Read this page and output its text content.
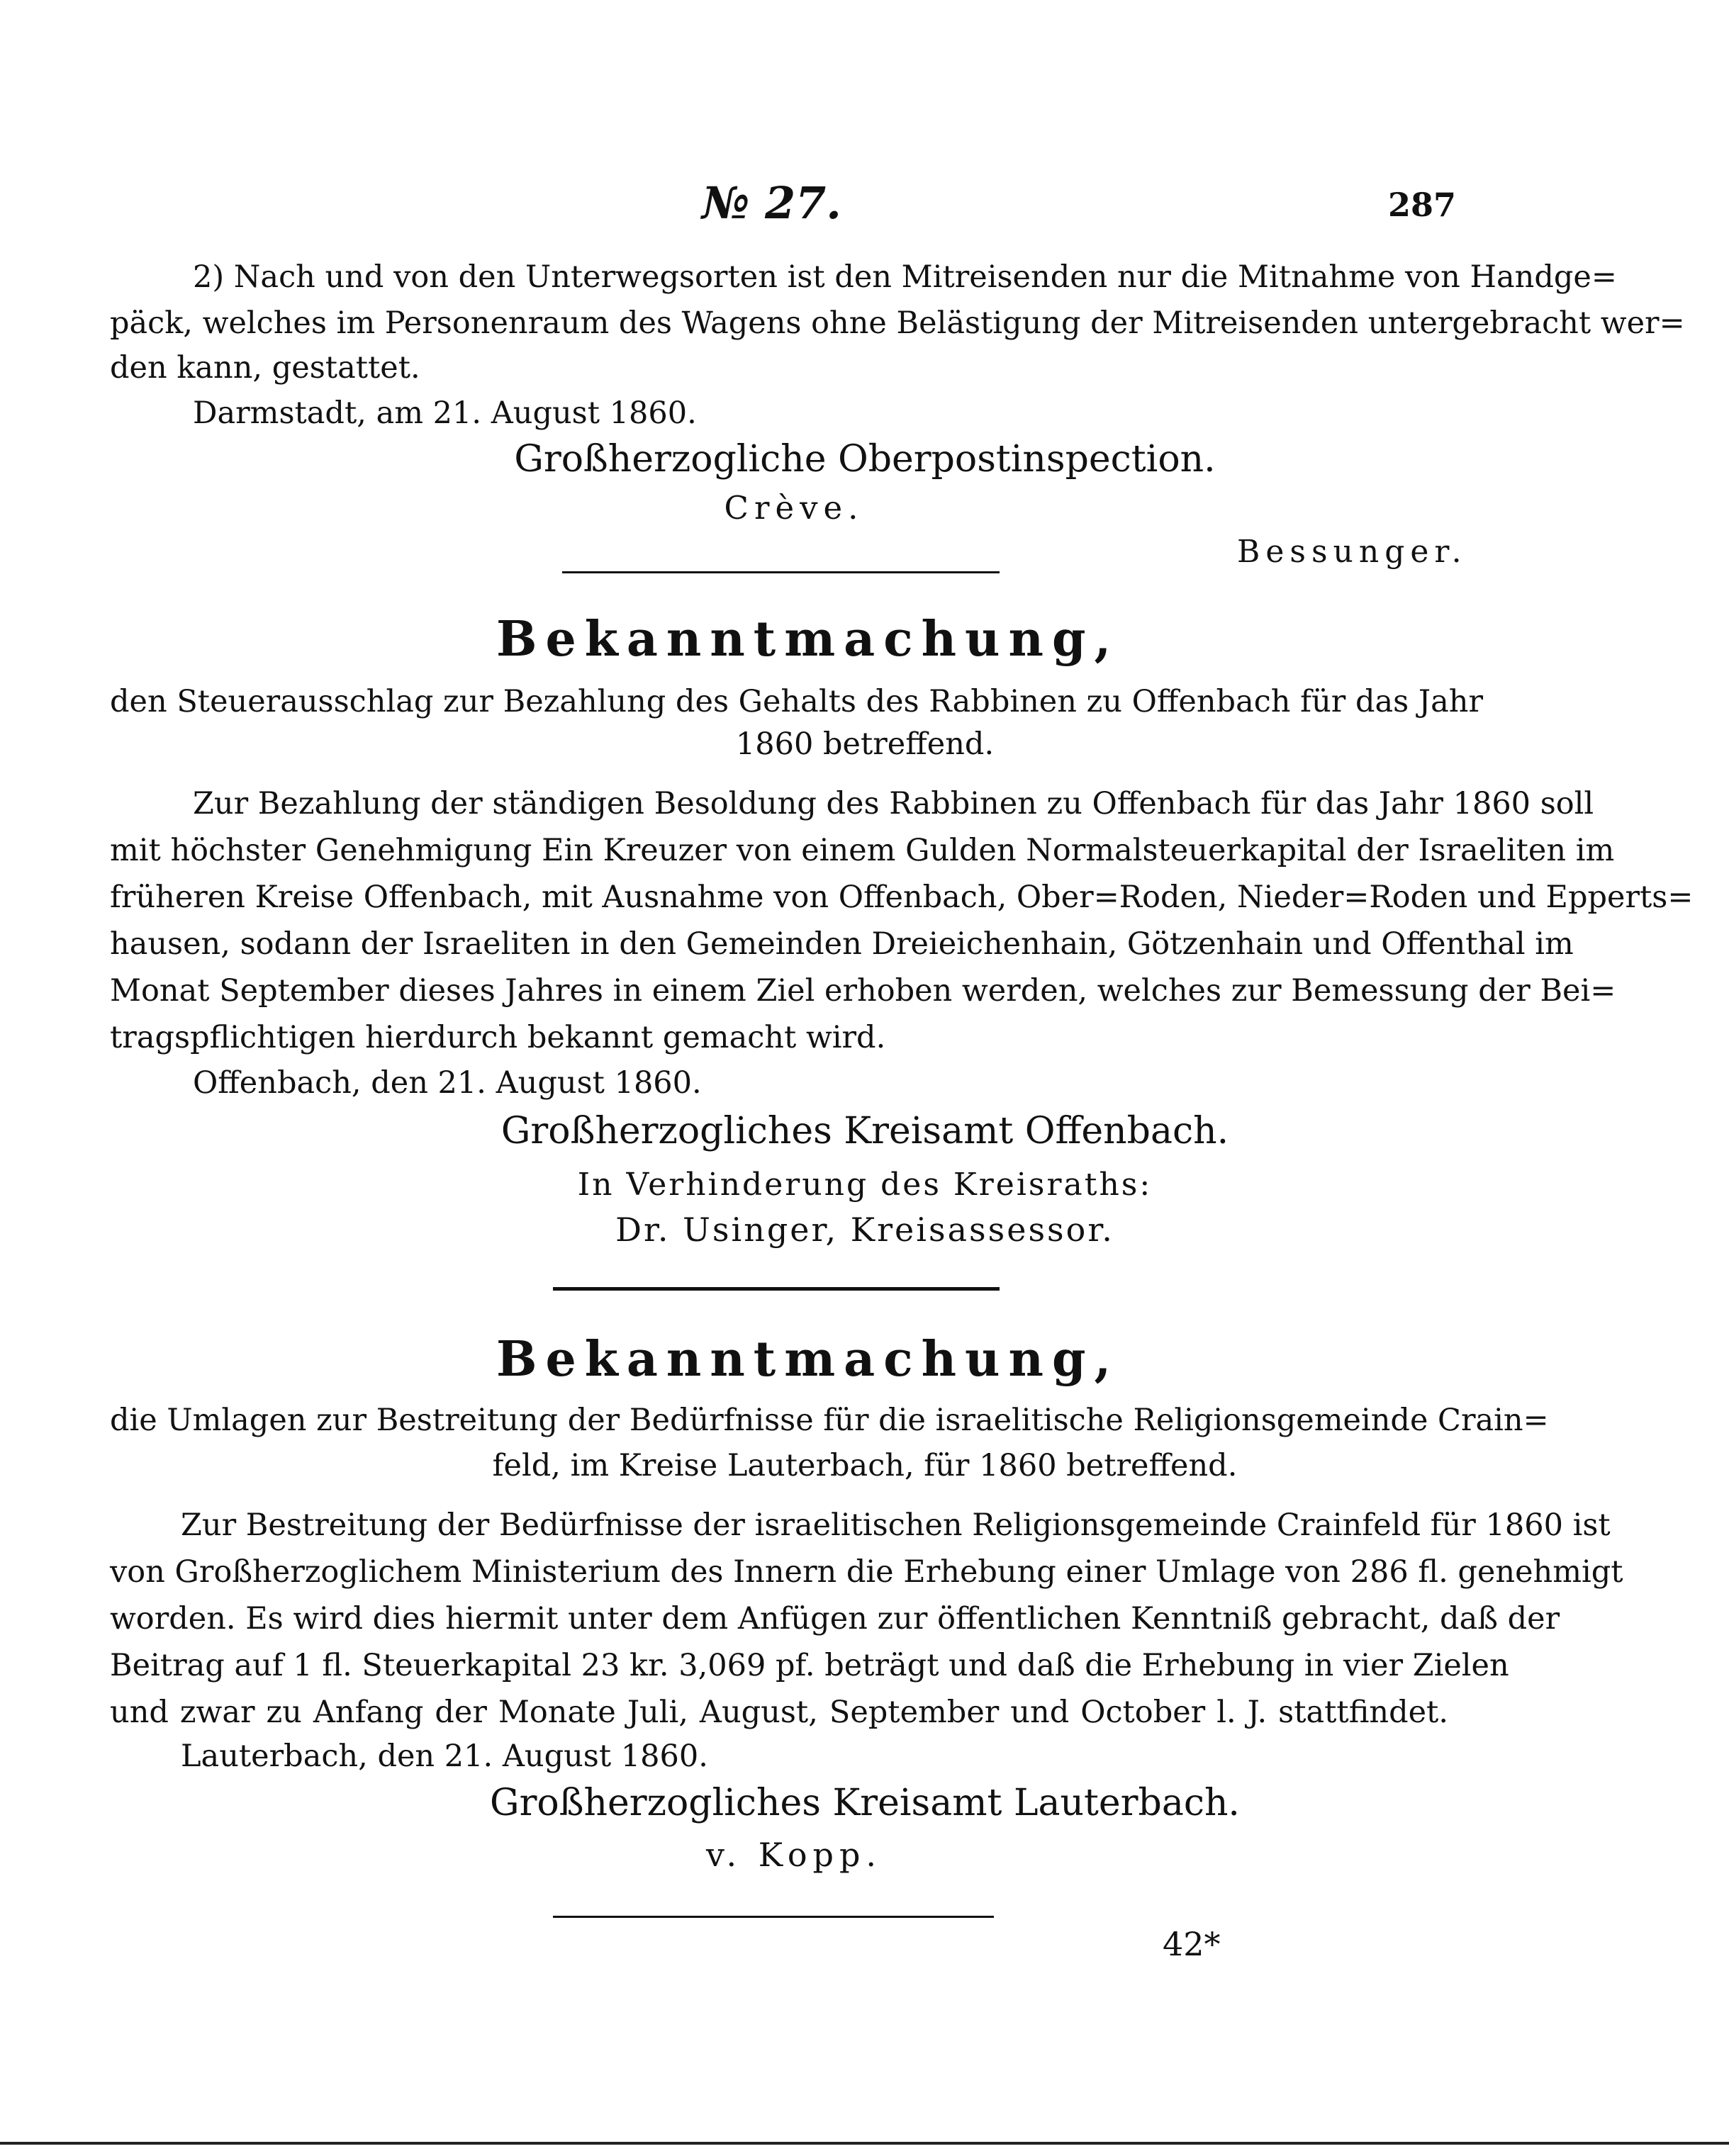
№ 27.	287
2) Nach und von den Unterwegsorten ist den Mitreisenden nur die Mitnahme von Handge=
päck, welches im Personenraum des Wagens ohne Belästigung der Mitreisenden untergebracht wer=
den kann, gestattet.
Darmstadt, am 21. August 1860.
Großherzogliche Oberpostinspection.
Crève.
Bessunger.
Bekanntmachung,
den Steuerausschlag zur Bezahlung des Gehalts des Rabbinen zu Offenbach für das Jahr
1860 betreffend.
Zur Bezahlung der ständigen Besoldung des Rabbinen zu Offenbach für das Jahr 1860 soll
mit höchster Genehmigung Ein Kreuzer von einem Gulden Normalsteuerkapital der Israeliten im
früheren Kreise Offenbach, mit Ausnahme von Offenbach, Ober=Roden, Nieder=Roden und Epperts=
hausen, sodann der Israeliten in den Gemeinden Dreieichenhain, Götzenhain und Offenthal im
Monat September dieses Jahres in einem Ziel erhoben werden, welches zur Bemessung der Bei=
tragspflichtigen hierdurch bekannt gemacht wird.
Offenbach, den 21. August 1860.
Großherzogliches Kreisamt Offenbach.
In Verhinderung des Kreisraths:
Dr. Usinger, Kreisassessor.
Bekanntmachung,
die Umlagen zur Bestreitung der Bedürfnisse für die israelitische Religionsgemeinde Crain=
feld, im Kreise Lauterbach, für 1860 betreffend.
Zur Bestreitung der Bedürfnisse der israelitischen Religionsgemeinde Crainfeld für 1860 ist
von Großherzoglichem Ministerium des Innern die Erhebung einer Umlage von 286 fl. genehmigt
worden. Es wird dies hiermit unter dem Anfügen zur öffentlichen Kenntniß gebracht, daß der
Beitrag auf 1 fl. Steuerkapital 23 kr. 3,069 pf. beträgt und daß die Erhebung in vier Zielen
und zwar zu Anfang der Monate Juli, August, September und October l. J. stattfindet.
Lauterbach, den 21. August 1860.
Großherzogliches Kreisamt Lauterbach.
v. Kopp.
42*
